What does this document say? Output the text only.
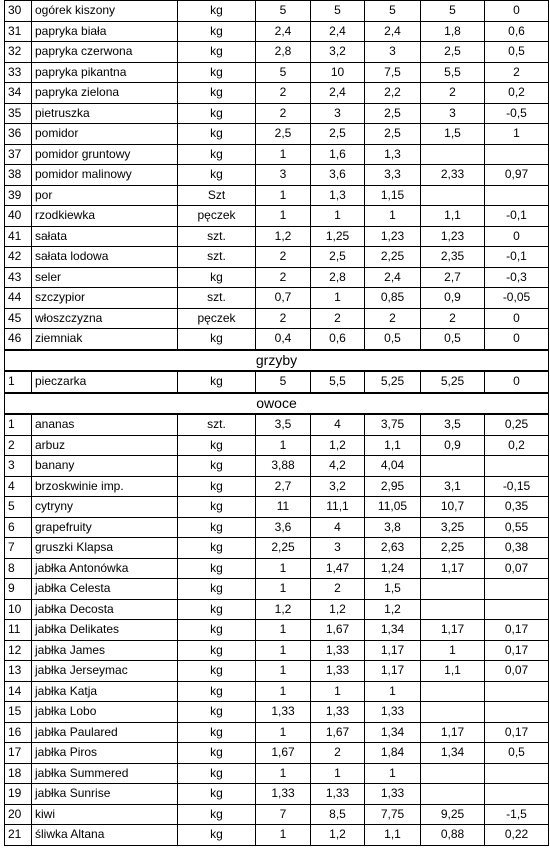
30	ogórek kiszony	kg	5	5	5	5	0
31	papryka biała	kg	2,4	2,4	2,4	1,8	0,6
32	papryka czerwona	kg	2,8	3,2	3	2,5	0,5
33	papryka pikantna	kg	5	10	7,5	5,5	2
34	papryka zielona	kg	2	2,4	2,2	2	0,2
35	pietruszka	kg	2	3	2,5	3	-0,5
36	pomidor	kg	2,5	2,5	2,5	1,5	1
37	pomidor gruntowy	kg	1	1,6	1,3		
38	pomidor malinowy	kg	3	3,6	3,3	2,33	0,97
39	por	Szt	1	1,3	1,15		
40	rzodkiewka	pęczek	1	1	1	1,1	-0,1
41	sałata	szt.	1,2	1,25	1,23	1,23	0
42	sałata lodowa	szt.	2	2,5	2,25	2,35	-0,1
43	seler	kg	2	2,8	2,4	2,7	-0,3
44	szczypior	szt.	0,7	1	0,85	0,9	-0,05
45	włoszczyzna	pęczek	2	2	2	2	0
46	ziemniak	kg	0,4	0,6	0,5	0,5	0
grzyby							
1	pieczarka	kg	5	5,5	5,25	5,25	0
owoce							
1	ananas	szt.	3,5	4	3,75	3,5	0,25
2	arbuz	kg	1	1,2	1,1	0,9	0,2
3	banany	kg	3,88	4,2	4,04		
4	brzoskwinie imp.	kg	2,7	3,2	2,95	3,1	-0,15
5	cytryny	kg	11	11,1	11,05	10,7	0,35
6	grapefruity	kg	3,6	4	3,8	3,25	0,55
7	gruszki Klapsa	kg	2,25	3	2,63	2,25	0,38
8	jabłka Antonówka	kg	1	1,47	1,24	1,17	0,07
9	jabłka Celesta	kg	1	2	1,5		
10	jabłka Decosta	kg	1,2	1,2	1,2		
11	jabłka Delikates	kg	1	1,67	1,34	1,17	0,17
12	jabłka James	kg	1	1,33	1,17	1	0,17
13	jabłka Jerseymac	kg	1	1,33	1,17	1,1	0,07
14	jabłka Katja	kg	1	1	1		
15	jabłka Lobo	kg	1,33	1,33	1,33		
16	jabłka Paulared	kg	1	1,67	1,34	1,17	0,17
17	jabłka Piros	kg	1,67	2	1,84	1,34	0,5
18	jabłka Summered	kg	1	1	1		
19	jabłka Sunrise	kg	1,33	1,33	1,33		
20	kiwi	kg	7	8,5	7,75	9,25	-1,5
21	śliwka Altana	kg	1	1,2	1,1	0,88	0,22
